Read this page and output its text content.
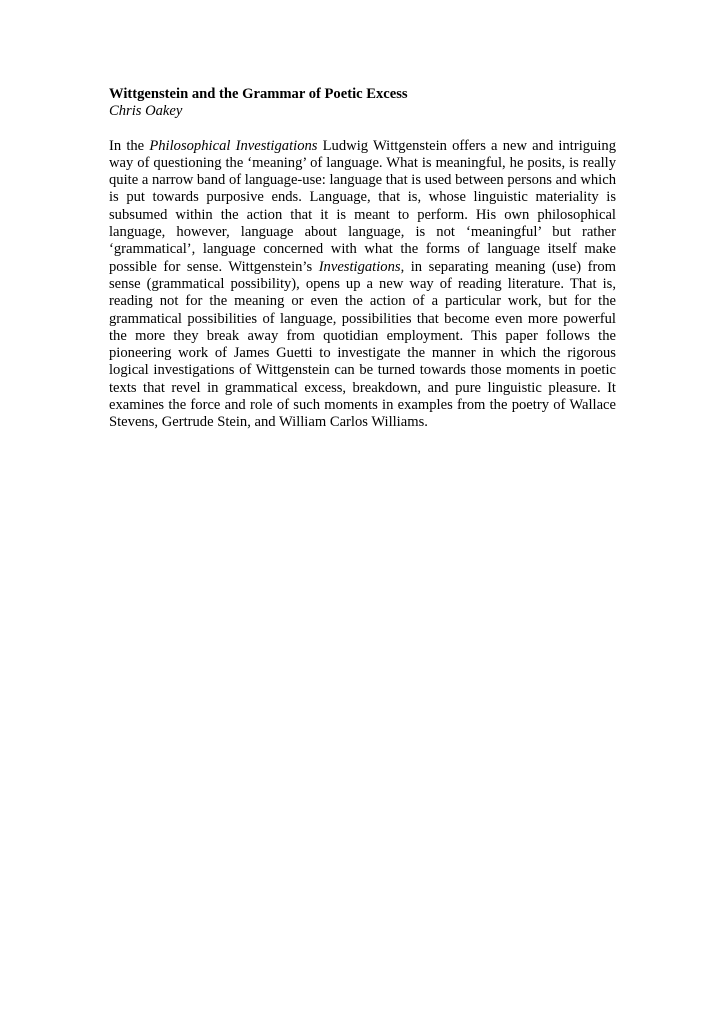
Wittgenstein and the Grammar of Poetic Excess

Chris Oakey

In the Philosophical Investigations Ludwig Wittgenstein offers a new and intriguing way of questioning the ‘meaning’ of language. What is meaningful, he posits, is really quite a narrow band of language-use: language that is used between persons and which is put towards purposive ends. Language, that is, whose linguistic materiality is subsumed within the action that it is meant to perform. His own philosophical language, however, language about language, is not ‘meaningful’ but rather ‘grammatical’, language concerned with what the forms of language itself make possible for sense. Wittgenstein’s Investigations, in separating meaning (use) from sense (grammatical possibility), opens up a new way of reading literature. That is, reading not for the meaning or even the action of a particular work, but for the grammatical possibilities of language, possibilities that become even more powerful the more they break away from quotidian employment. This paper follows the pioneering work of James Guetti to investigate the manner in which the rigorous logical investigations of Wittgenstein can be turned towards those moments in poetic texts that revel in grammatical excess, breakdown, and pure linguistic pleasure. It examines the force and role of such moments in examples from the poetry of Wallace Stevens, Gertrude Stein, and William Carlos Williams.
